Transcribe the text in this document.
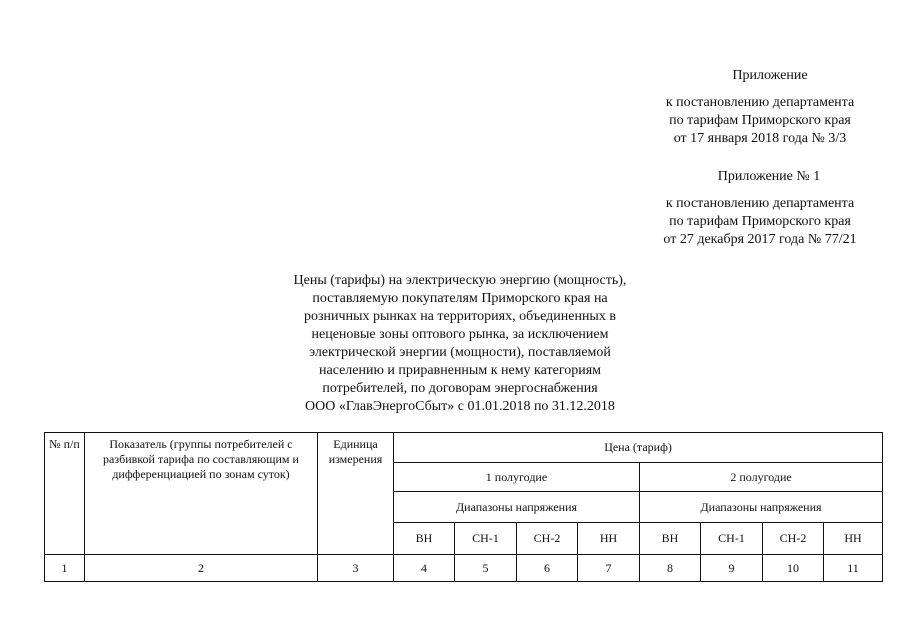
Приложение
к постановлению департамента
по тарифам Приморского края
от 17 января 2018 года № 3/3
Приложение № 1
к постановлению департамента
по тарифам Приморского края
от 27 декабря 2017 года № 77/21
Цены (тарифы) на электрическую энергию (мощность),
поставляемую покупателям Приморского края на
розничных рынках на территориях, объединенных в
неценовые зоны оптового рынка, за исключением
электрической энергии (мощности), поставляемой
населению и приравненным к нему категориям
потребителей, по договорам энергоснабжения
ООО «ГлавЭнергоСбыт» с 01.01.2018 по 31.12.2018
№ п/п	Показатель (группы потребителей с разбивкой тарифа по составляющим и дифференциацией по зонам суток)	Единица измерения	Цена (тариф)							
			1 полугодие				2 полугодие			
			Диапазоны напряжения				Диапазоны напряжения			
			ВН	СН-1	СН-2	НН	ВН	СН-1	СН-2	НН
1	2	3	4	5	6	7	8	9	10	11
